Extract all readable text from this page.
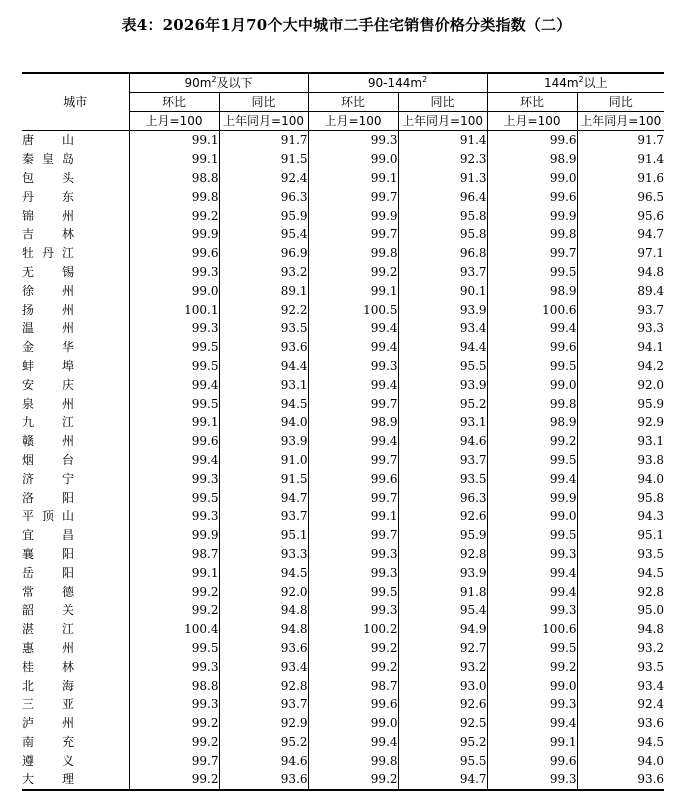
表4：2026年1月70个大中城市二手住宅销售价格分类指数（二）
城市	$90m^2$及以下		$90-144m^2$		$144m^2$以上	
	环比	同比	环比	同比	环比	同比
	上月=100	上年同月=100	上月=100	上年同月=100	上月=100	上年同月=100
唐山	99.1	91.7	99.3	91.4	99.6	91.7
秦皇岛	99.1	91.5	99.0	92.3	98.9	91.4
包头	98.8	92.4	99.1	91.3	99.0	91.6
丹东	99.8	96.3	99.7	96.4	99.6	96.5
锦州	99.2	95.9	99.9	95.8	99.9	95.6
吉林	99.9	95.4	99.7	95.8	99.8	94.7
牡丹江	99.6	96.9	99.8	96.8	99.7	97.1
无锡	99.3	93.2	99.2	93.7	99.5	94.8
徐州	99.0	89.1	99.1	90.1	98.9	89.4
扬州	100.1	92.2	100.5	93.9	100.6	93.7
温州	99.3	93.5	99.4	93.4	99.4	93.3
金华	99.5	93.6	99.4	94.4	99.6	94.1
蚌埠	99.5	94.4	99.3	95.5	99.5	94.2
安庆	99.4	93.1	99.4	93.9	99.0	92.0
泉州	99.5	94.5	99.7	95.2	99.8	95.9
九江	99.1	94.0	98.9	93.1	98.9	92.9
赣州	99.6	93.9	99.4	94.6	99.2	93.1
烟台	99.4	91.0	99.7	93.7	99.5	93.8
济宁	99.3	91.5	99.6	93.5	99.4	94.0
洛阳	99.5	94.7	99.7	96.3	99.9	95.8
平顶山	99.3	93.7	99.1	92.6	99.0	94.3
宜昌	99.9	95.1	99.7	95.9	99.5	95.1
襄阳	98.7	93.3	99.3	92.8	99.3	93.5
岳阳	99.1	94.5	99.3	93.9	99.4	94.5
常德	99.2	92.0	99.5	91.8	99.4	92.8
韶关	99.2	94.8	99.3	95.4	99.3	95.0
湛江	100.4	94.8	100.2	94.9	100.6	94.8
惠州	99.5	93.6	99.2	92.7	99.5	93.2
桂林	99.3	93.4	99.2	93.2	99.2	93.5
北海	98.8	92.8	98.7	93.0	99.0	93.4
三亚	99.3	93.7	99.6	92.6	99.3	92.4
泸州	99.2	92.9	99.0	92.5	99.4	93.6
南充	99.2	95.2	99.4	95.2	99.1	94.5
遵义	99.7	94.6	99.8	95.5	99.6	94.0
大理	99.2	93.6	99.2	94.7	99.3	93.6
